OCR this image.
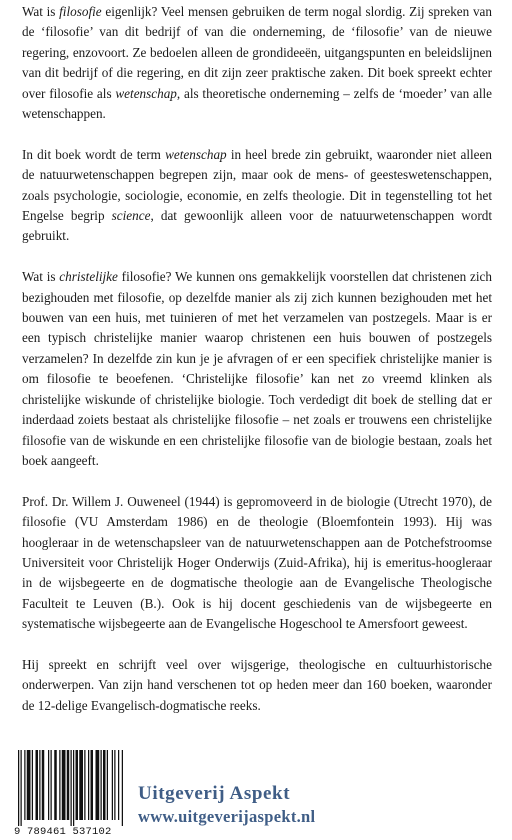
Wat is filosofie eigenlijk? Veel mensen gebruiken de term nogal slordig. Zij spreken van de ‘filosofie’ van dit bedrijf of van die onderneming, de ‘filosofie’ van de nieuwe regering, enzovoort. Ze bedoelen alleen de grondideeën, uitgangspunten en beleidslijnen van dit bedrijf of die regering, en dit zijn zeer praktische zaken. Dit boek spreekt echter over filosofie als wetenschap, als theoretische onderneming – zelfs de ‘moeder’ van alle wetenschappen.

In dit boek wordt de term wetenschap in heel brede zin gebruikt, waaronder niet alleen de natuurwetenschappen begrepen zijn, maar ook de mens- of geesteswetenschappen, zoals psychologie, sociologie, economie, en zelfs theologie. Dit in tegenstelling tot het Engelse begrip science, dat gewoonlijk alleen voor de natuurwetenschappen wordt gebruikt.

Wat is christelijke filosofie? We kunnen ons gemakkelijk voorstellen dat christenen zich bezighouden met filosofie, op dezelfde manier als zij zich kunnen bezighouden met het bouwen van een huis, met tuinieren of met het verzamelen van postzegels. Maar is er een typisch christelijke manier waarop christenen een huis bouwen of postzegels verzamelen? In dezelfde zin kun je je afvragen of er een specifiek christelijke manier is om filosofie te beoefenen. ‘Christelijke filosofie’ kan net zo vreemd klinken als christelijke wiskunde of christelijke biologie. Toch verdedigt dit boek de stelling dat er inderdaad zoiets bestaat als christelijke filosofie – net zoals er trouwens een christelijke filosofie van de wiskunde en een christelijke filosofie van de biologie bestaan, zoals het boek aangeeft.

Prof. Dr. Willem J. Ouweneel (1944) is gepromoveerd in de biologie (Utrecht 1970), de filosofie (VU Amsterdam 1986) en de theologie (Bloemfontein 1993). Hij was hoogleraar in de wetenschapsleer van de natuurwetenschappen aan de Potchefstroomse Universiteit voor Christelijk Hoger Onderwijs (Zuid-Afrika), hij is emeritus-hoogleraar in de wijsbegeerte en de dogmatische theologie aan de Evangelische Theologische Faculteit te Leuven (B.). Ook is hij docent geschiedenis van de wijsbegeerte en systematische wijsbegeerte aan de Evangelische Hogeschool te Amersfoort geweest.

Hij spreekt en schrijft veel over wijsgerige, theologische en cultuurhistorische onderwerpen. Van zijn hand verschenen tot op heden meer dan 160 boeken, waaronder de 12-delige Evangelisch-dogmatische reeks.

9 789461 537102
Uitgeverij Aspekt
www.uitgeverijaspekt.nl
